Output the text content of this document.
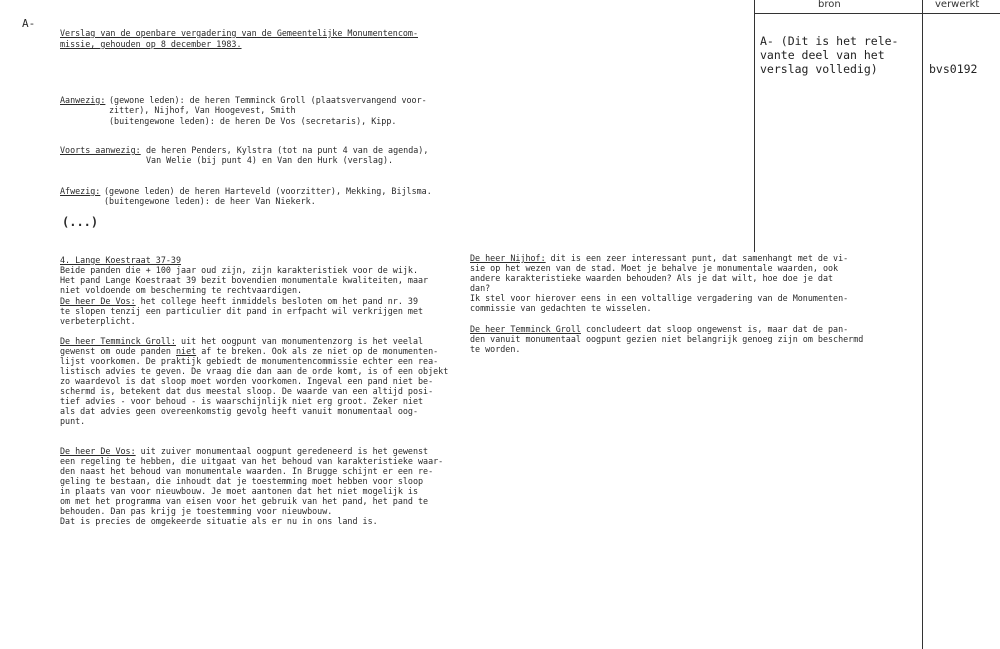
A-
Verslag van de openbare vergadering van de Gemeentelijke Monumentencom-
missie, gehouden op 8 december 1983.
Aanwezig: (gewone leden): de heren Temminck Groll (plaatsvervangend voor-
zitter), Nijhof, Van Hoogevest, Smith
(buitengewone leden): de heren De Vos (secretaris), Kipp.
Voorts aanwezig: de heren Penders, Kylstra (tot na punt 4 van de agenda),
Van Welie (bij punt 4) en Van den Hurk (verslag).
Afwezig: (gewone leden) de heren Harteveld (voorzitter), Mekking, Bijlsma.
(buitengewone leden): de heer Van Niekerk.
(...)
4. Lange Koestraat 37-39
Beide panden die + 100 jaar oud zijn, zijn karakteristiek voor de wijk.
Het pand Lange Koestraat 39 bezit bovendien monumentale kwaliteiten, maar
niet voldoende om bescherming te rechtvaardigen.
De heer De Vos: het college heeft inmiddels besloten om het pand nr. 39
te slopen tenzij een particulier dit pand in erfpacht wil verkrijgen met
verbeterplicht.
De heer Temminck Groll: uit het oogpunt van monumentenzorg is het veelal
gewenst om oude panden niet af te breken. Ook als ze niet op de monumenten-
lijst voorkomen. De praktijk gebiedt de monumentencommissie echter een rea-
listisch advies te geven. De vraag die dan aan de orde komt, is of een objekt
zo waardevol is dat sloop moet worden voorkomen. Ingeval een pand niet be-
schermd is, betekent dat dus meestal sloop. De waarde van een altijd posi-
tief advies - voor behoud - is waarschijnlijk niet erg groot. Zeker niet
als dat advies geen overeenkomstig gevolg heeft vanuit monumentaal oog-
punt.
De heer De Vos: uit zuiver monumentaal oogpunt geredeneerd is het gewenst
een regeling te hebben, die uitgaat van het behoud van karakteristieke waar-
den naast het behoud van monumentale waarden. In Brugge schijnt er een re-
geling te bestaan, die inhoudt dat je toestemming moet hebben voor sloop
in plaats van voor nieuwbouw. Je moet aantonen dat het niet mogelijk is
om met het programma van eisen voor het gebruik van het pand, het pand te
behouden. Dan pas krijg je toestemming voor nieuwbouw.
Dat is precies de omgekeerde situatie als er nu in ons land is.
De heer Nijhof: dit is een zeer interessant punt, dat samenhangt met de vi-
sie op het wezen van de stad. Moet je behalve je monumentale waarden, ook
andere karakteristieke waarden behouden? Als je dat wilt, hoe doe je dat
dan?
Ik stel voor hierover eens in een voltallige vergadering van de Monumenten-
commissie van gedachten te wisselen.
De heer Temminck Groll concludeert dat sloop ongewenst is, maar dat de pan-
den vanuit monumentaal oogpunt gezien niet belangrijk genoeg zijn om beschermd
te worden.
bron	verwerkt
A- (Dit is het rele-
vante deel van het
verslag volledig)	bvs0192
